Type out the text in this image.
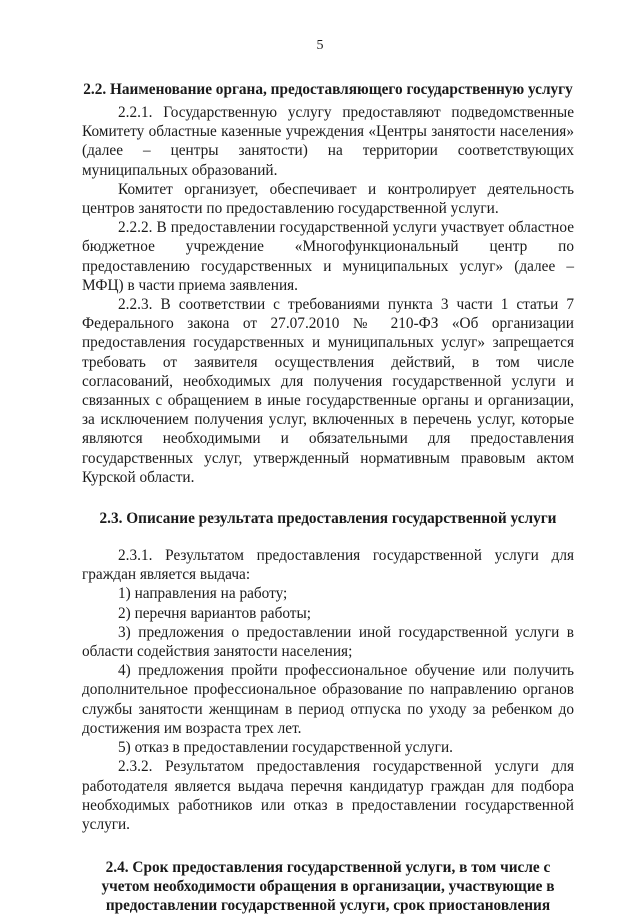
5
2.2. Наименование органа, предоставляющего государственную услугу

2.2.1. Государственную услугу предоставляют подведомственные Комитету областные казенные учреждения «Центры занятости населения» (далее – центры занятости) на территории соответствующих муниципальных образований.

Комитет организует, обеспечивает и контролирует деятельность центров занятости по предоставлению государственной услуги.

2.2.2. В предоставлении государственной услуги участвует областное бюджетное учреждение «Многофункциональный центр по предоставлению государственных и муниципальных услуг» (далее – МФЦ) в части приема заявления.

2.2.3. В соответствии с требованиями пункта 3 части 1 статьи 7 Федерального закона от 27.07.2010 № 210-ФЗ «Об организации предоставления государственных и муниципальных услуг» запрещается требовать от заявителя осуществления действий, в том числе согласований, необходимых для получения государственной услуги и связанных с обращением в иные государственные органы и организации, за исключением получения услуг, включенных в перечень услуг, которые являются необходимыми и обязательными для предоставления государственных услуг, утвержденный нормативным правовым актом Курской области.

2.3. Описание результата предоставления государственной услуги

2.3.1. Результатом предоставления государственной услуги для граждан является выдача:

1) направления на работу;

2) перечня вариантов работы;

3) предложения о предоставлении иной государственной услуги в области содействия занятости населения;

4) предложения пройти профессиональное обучение или получить дополнительное профессиональное образование по направлению органов службы занятости женщинам в период отпуска по уходу за ребенком до достижения им возраста трех лет.

5) отказ в предоставлении государственной услуги.

2.3.2. Результатом предоставления государственной услуги для работодателя является выдача перечня кандидатур граждан для подбора необходимых работников или отказ в предоставлении государственной услуги.

2.4. Срок предоставления государственной услуги, в том числе с учетом необходимости обращения в организации, участвующие в предоставлении государственной услуги, срок приостановления
